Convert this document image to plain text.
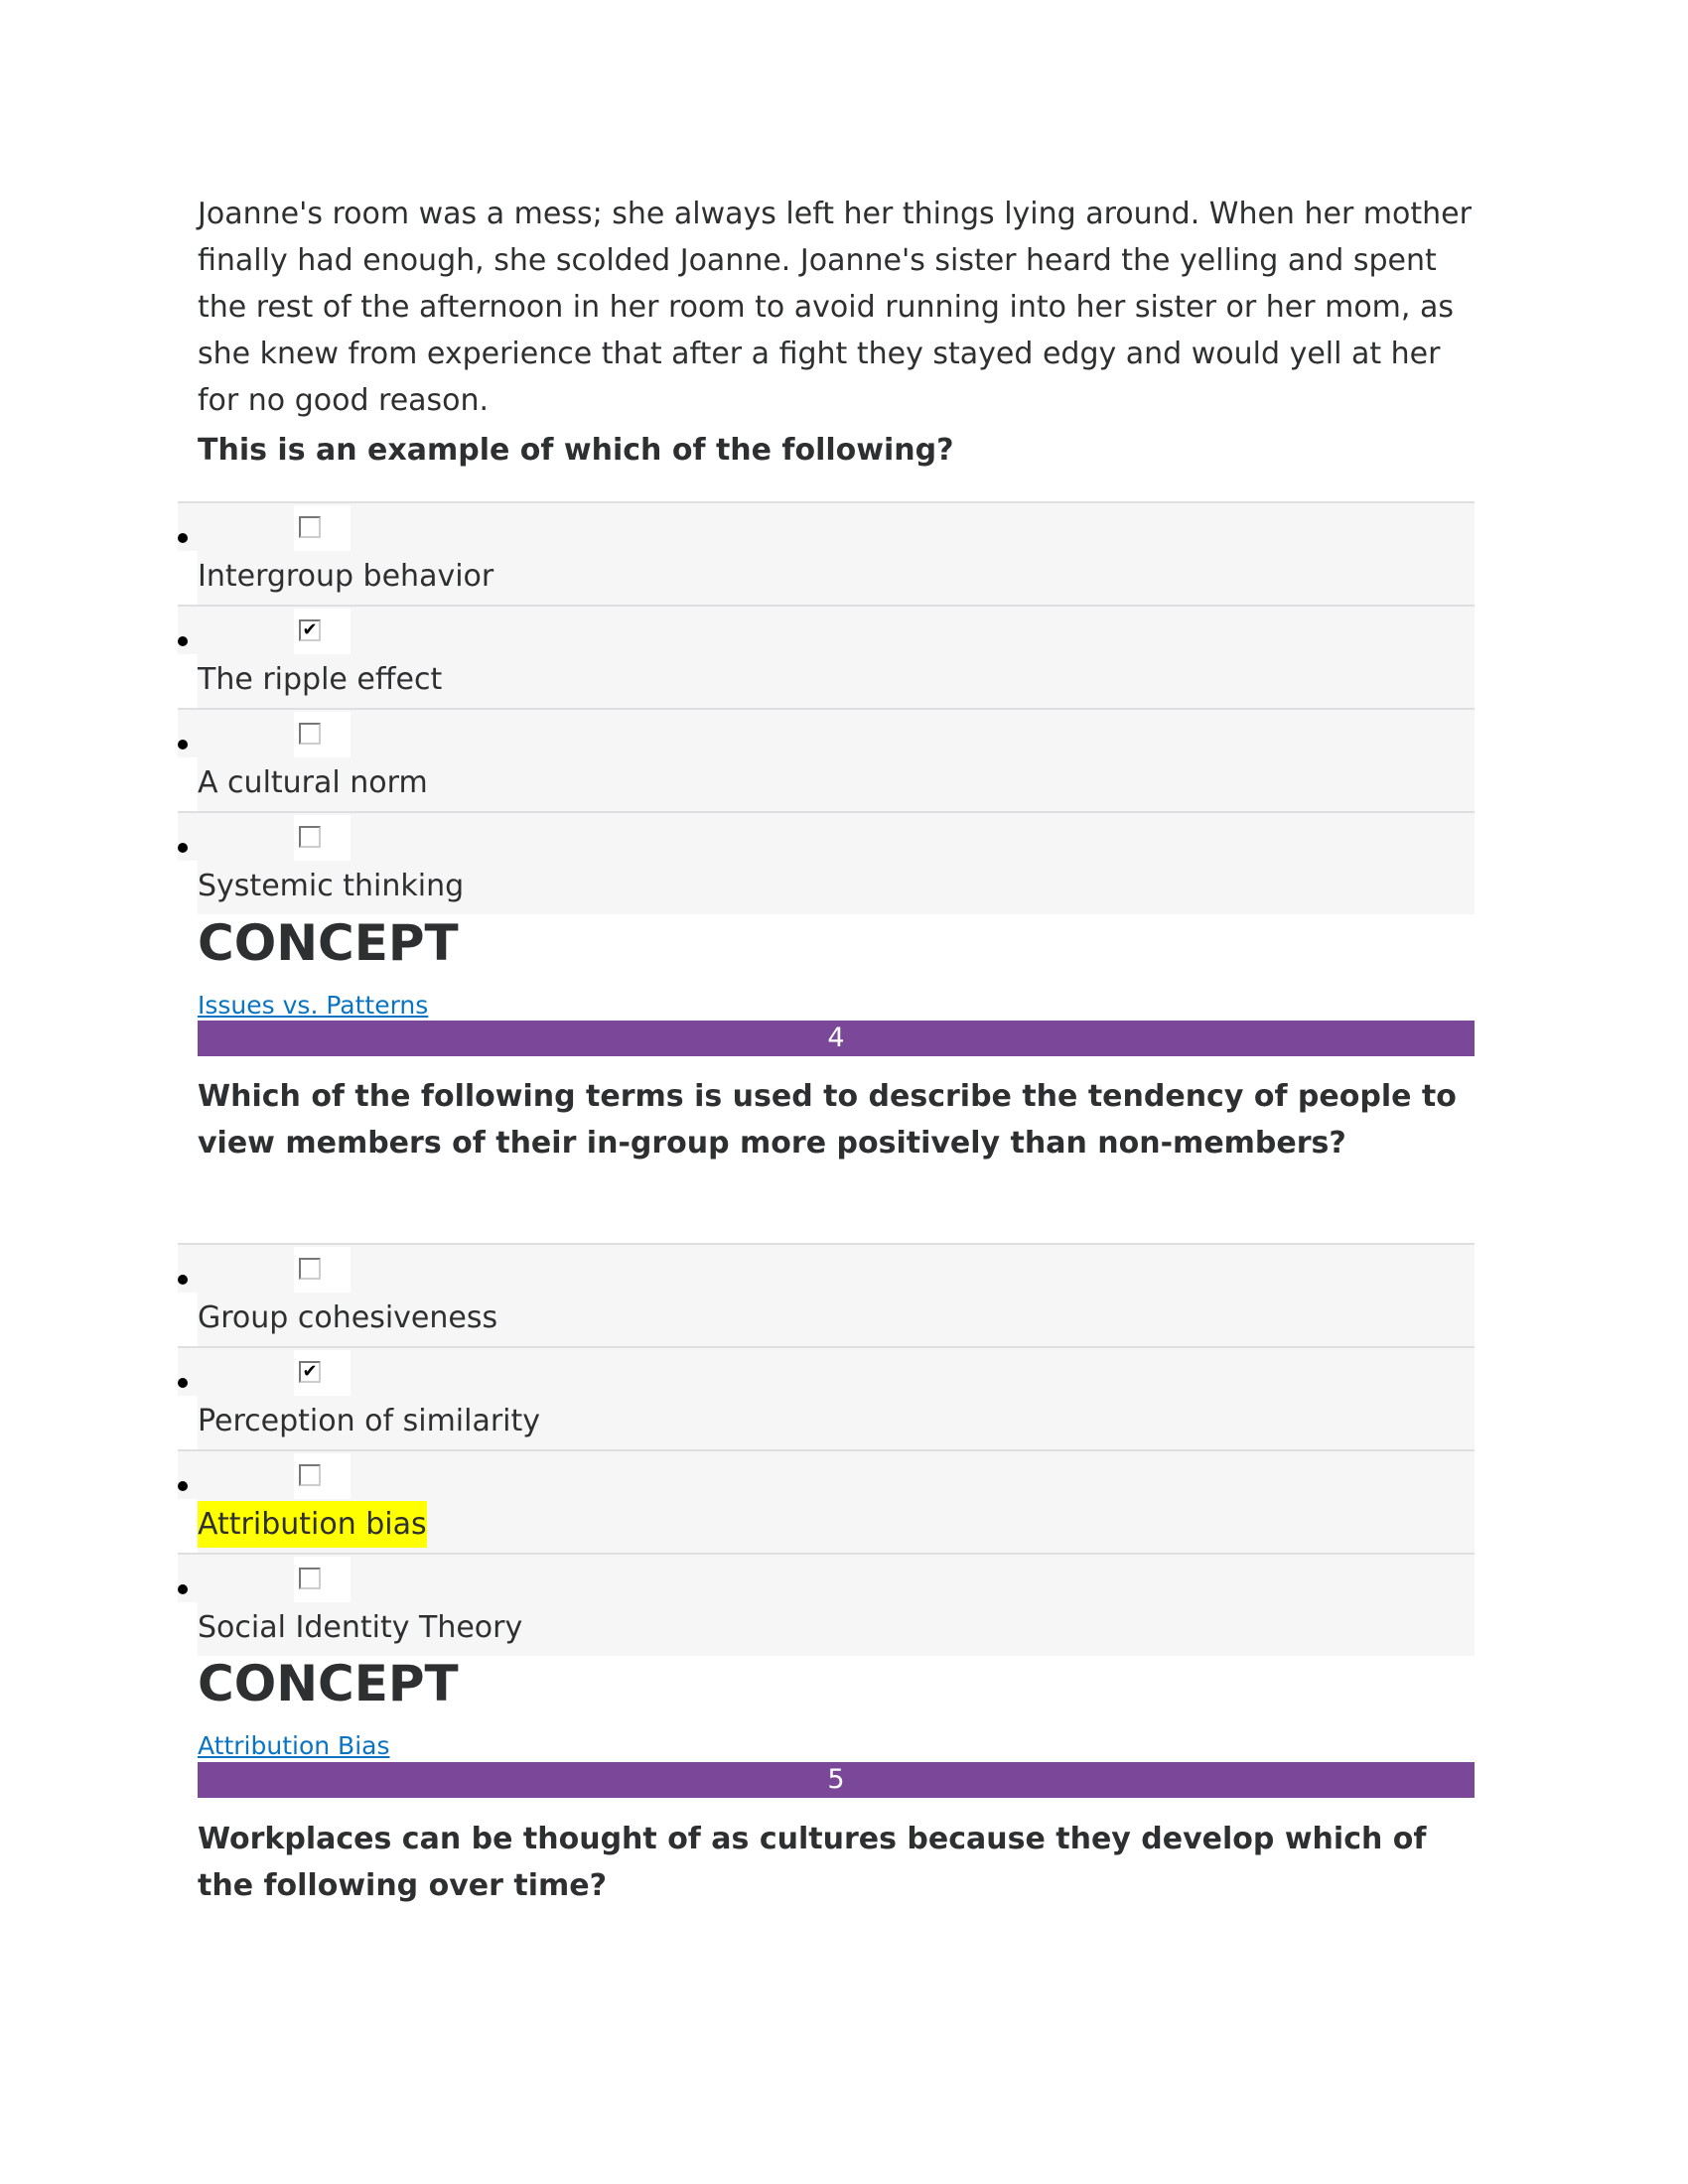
Joanne's room was a mess; she always left her things lying around. When her mother finally had enough, she scolded Joanne. Joanne's sister heard the yelling and spent the rest of the afternoon in her room to avoid running into her sister or her mom, as she knew from experience that after a fight they stayed edgy and would yell at her for no good reason.
This is an example of which of the following?
Intergroup behavior
✔
The ripple effect
A cultural norm
Systemic thinking
CONCEPT
Issues vs. Patterns
4
Which of the following terms is used to describe the tendency of people to view members of their in-group more positively than non-members?
Group cohesiveness
✔
Perception of similarity
Attribution bias
Social Identity Theory
CONCEPT
Attribution Bias
5
Workplaces can be thought of as cultures because they develop which of the following over time?
